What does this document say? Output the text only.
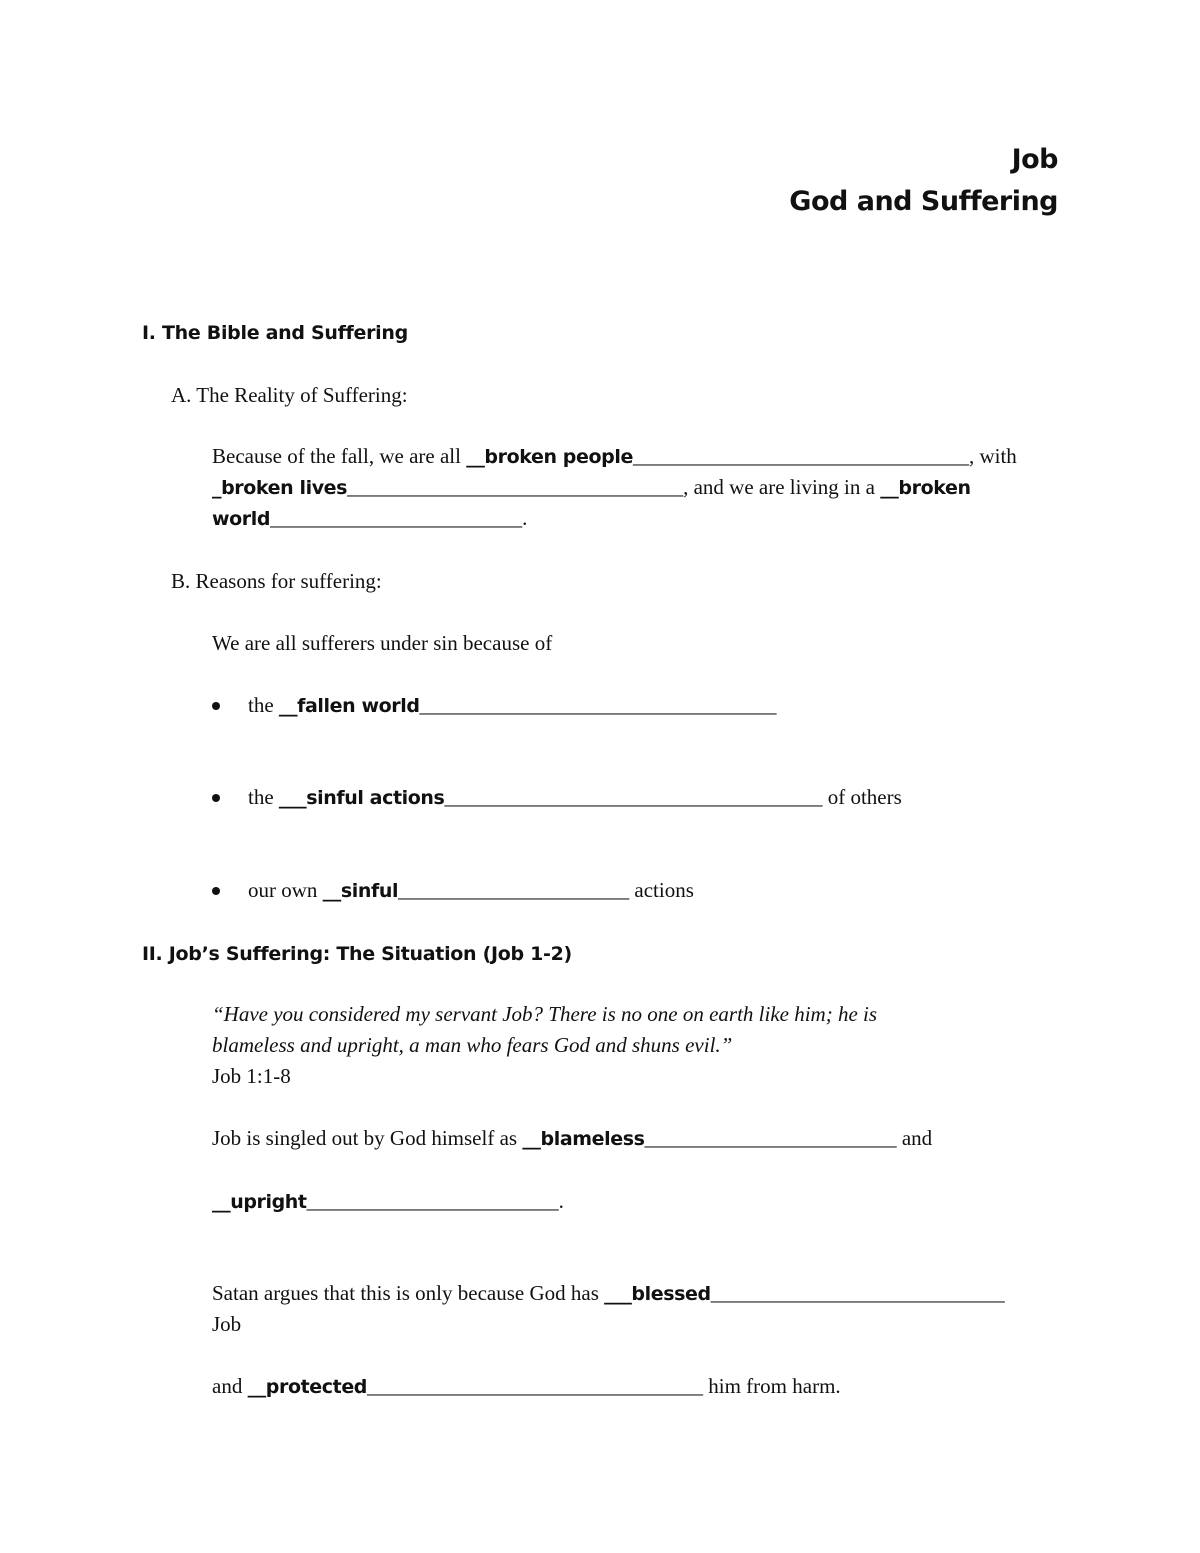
Job
God and Suffering
I. The Bible and Suffering
A. The Reality of Suffering:
Because of the fall, we are all __broken people________________________________, with
_broken lives________________________________, and we are living in a __broken
world________________________.
B. Reasons for suffering:
We are all sufferers under sin because of
the __fallen world__________________________________
the ___sinful actions____________________________________ of others
our own __sinful______________________ actions
II. Job’s Suffering: The Situation (Job 1-2)
“Have you considered my servant Job? There is no one on earth like him; he is
blameless and upright, a man who fears God and shuns evil.”
Job 1:1-8
Job is singled out by God himself as __blameless________________________ and
__upright________________________.
Satan argues that this is only because God has ___blessed____________________________
Job
and __protected________________________________ him from harm.
